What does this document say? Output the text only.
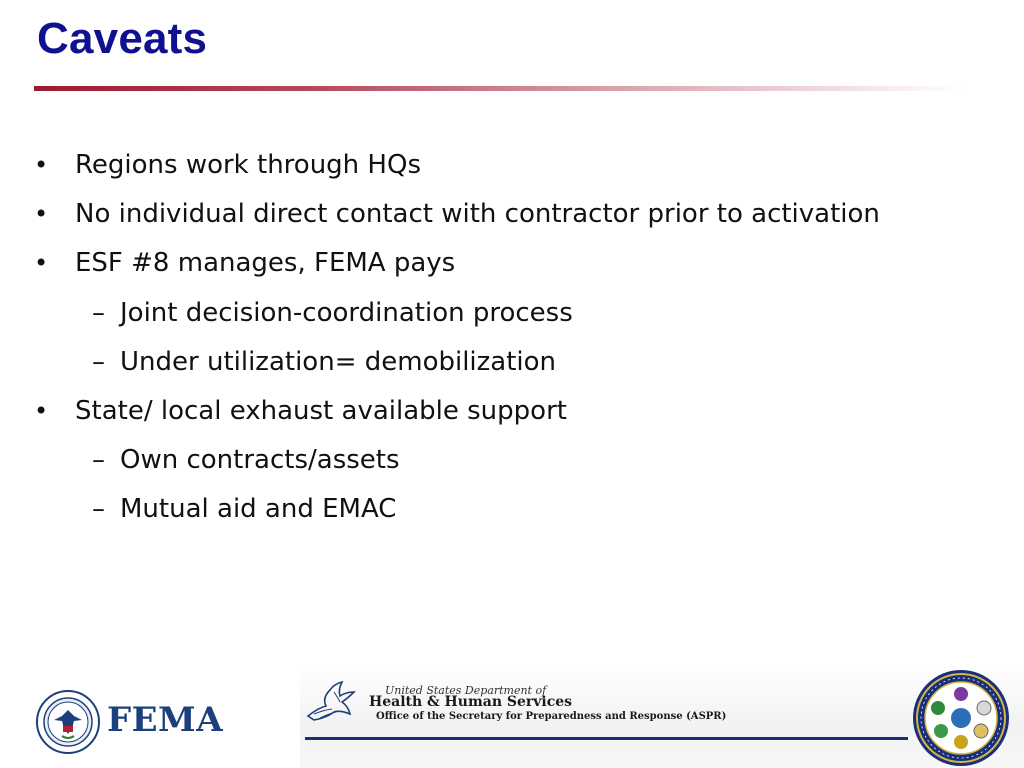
Caveats
• Regions work through HQs
• No individual direct contact with contractor prior to activation
• ESF #8 manages, FEMA pays
– Joint decision-coordination process
– Under utilization= demobilization
• State/ local exhaust available support
– Own contracts/assets
– Mutual aid and EMAC
FEMA
United States Department of
Health & Human Services
Office of the Secretary for Preparedness and Response (ASPR)
